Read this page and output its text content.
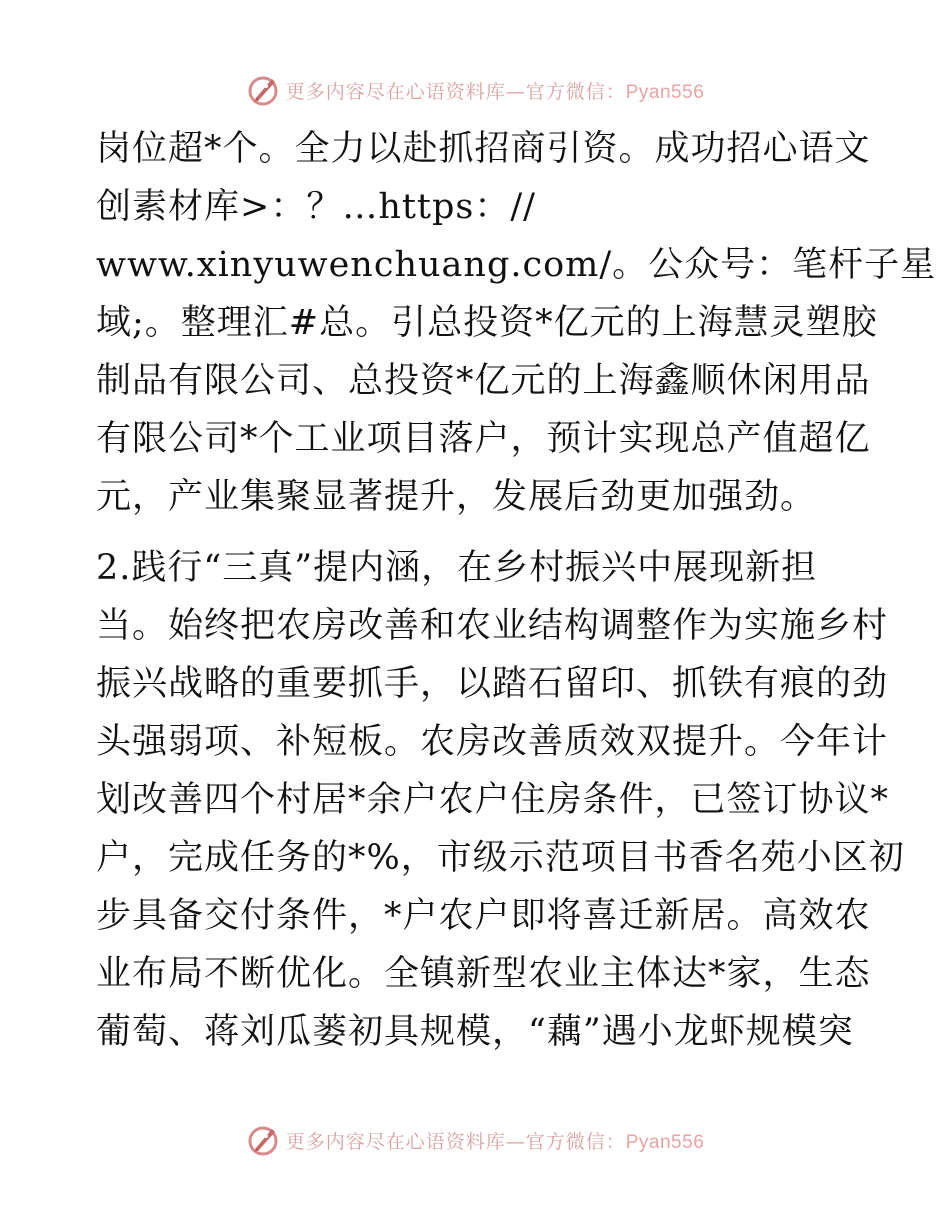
更多内容尽在心语资料库—官方微信：Pyan556
岗位超*个。全力以赴抓招商引资。成功招心语文
创素材库>：？…https：//
www.xinyuwenchuang.com/。公众号：笔杆子星
域;。整理汇#总。引总投资*亿元的上海慧灵塑胶
制品有限公司、总投资*亿元的上海鑫顺休闲用品
有限公司*个工业项目落户，预计实现总产值超亿
元，产业集聚显著提升，发展后劲更加强劲。
2.践行“三真”提内涵，在乡村振兴中展现新担
当。始终把农房改善和农业结构调整作为实施乡村
振兴战略的重要抓手，以踏石留印、抓铁有痕的劲
头强弱项、补短板。农房改善质效双提升。今年计
划改善四个村居*余户农户住房条件，已签订协议*
户，完成任务的*%，市级示范项目书香名苑小区初
步具备交付条件，*户农户即将喜迁新居。高效农
业布局不断优化。全镇新型农业主体达*家，生态
葡萄、蒋刘瓜蒌初具规模，“藕”遇小龙虾规模突
更多内容尽在心语资料库—官方微信：Pyan556
